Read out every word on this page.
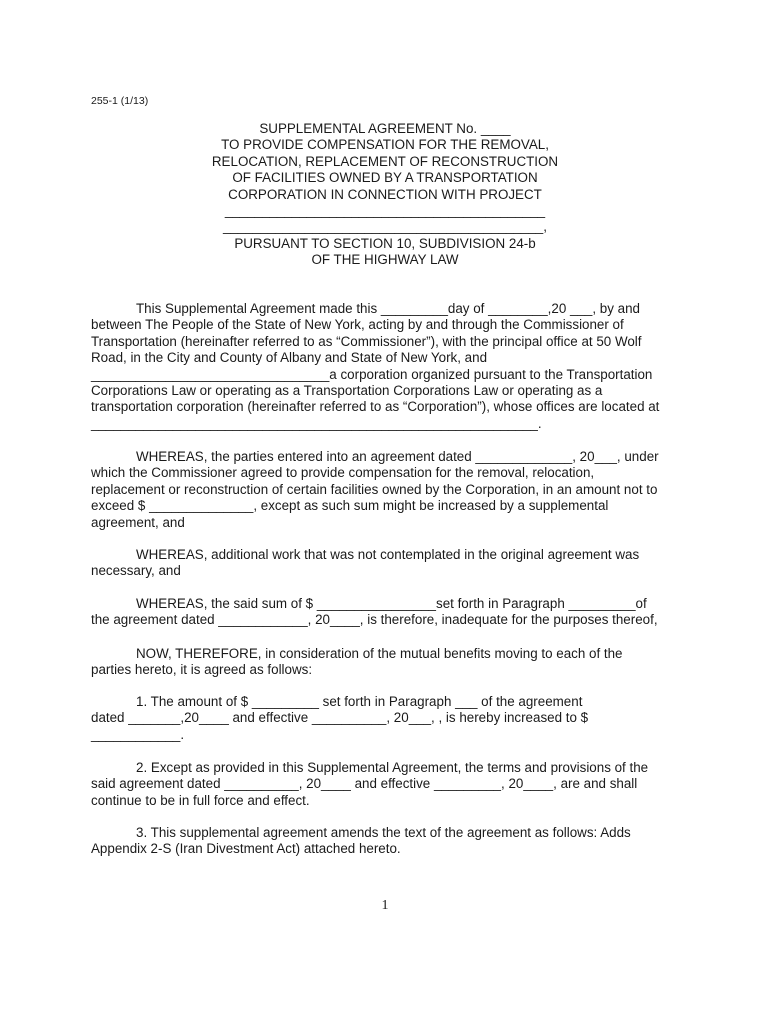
255-1 (1/13)
SUPPLEMENTAL AGREEMENT No. ____
TO PROVIDE COMPENSATION FOR THE REMOVAL,
RELOCATION, REPLACEMENT OF RECONSTRUCTION
OF FACILITIES OWNED BY A TRANSPORTATION
CORPORATION IN CONNECTION WITH PROJECT
___________________________________________
___________________________________________,
PURSUANT TO SECTION 10, SUBDIVISION 24-b
OF THE HIGHWAY LAW
This Supplemental Agreement made this _________day of ________,20 ___, by and
between The People of the State of New York, acting by and through the Commissioner of
Transportation (hereinafter referred to as “Commissioner”), with the principal office at 50 Wolf
Road, in the City and County of Albany and State of New York, and
________________________________a corporation organized pursuant to the Transportation
Corporations Law or operating as a Transportation Corporations Law or operating as a
transportation corporation (hereinafter referred to as “Corporation”), whose offices are located at
____________________________________________________________.
WHEREAS, the parties entered into an agreement dated _____________, 20___, under
which the Commissioner agreed to provide compensation for the removal, relocation,
replacement or reconstruction of certain facilities owned by the Corporation, in an amount not to
exceed $ ______________, except as such sum might be increased by a supplemental
agreement, and
WHEREAS, additional work that was not contemplated in the original agreement was
necessary, and
WHEREAS, the said sum of $ ________________set forth in Paragraph _________of
the agreement dated ____________, 20____, is therefore, inadequate for the purposes thereof,
NOW, THEREFORE, in consideration of the mutual benefits moving to each of the
parties hereto, it is agreed as follows:
1. The amount of $ _________ set forth in Paragraph ___ of the agreement
dated _______,20____ and effective __________, 20___, , is hereby increased to $
____________.
2. Except as provided in this Supplemental Agreement, the terms and provisions of the
said agreement dated __________, 20____ and effective _________, 20____, are and shall
continue to be in full force and effect.
3. This supplemental agreement amends the text of the agreement as follows: Adds
Appendix 2-S (Iran Divestment Act) attached hereto.
1
